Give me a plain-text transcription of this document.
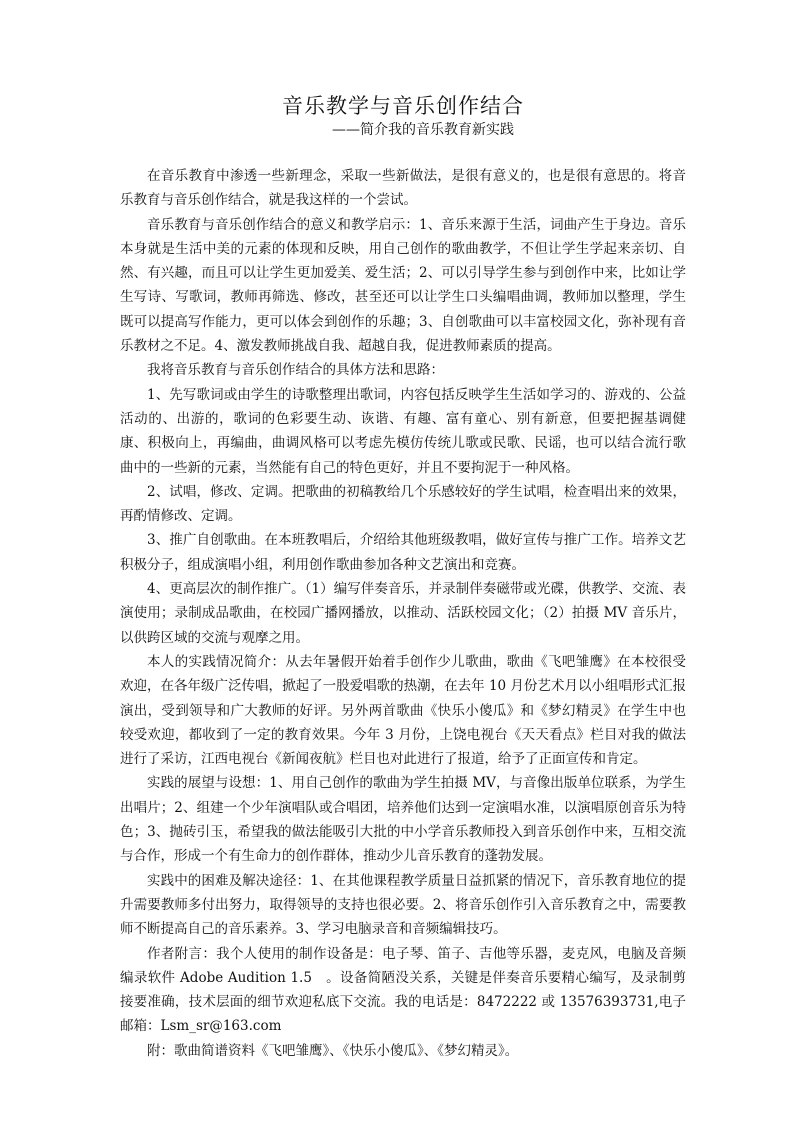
音乐教学与音乐创作结合
——简介我的音乐教育新实践

在音乐教育中渗透一些新理念，采取一些新做法，是很有意义的，也是很有意思的。将音乐教育与音乐创作结合，就是我这样的一个尝试。

音乐教育与音乐创作结合的意义和教学启示：1、音乐来源于生活，词曲产生于身边。音乐本身就是生活中美的元素的体现和反映，用自己创作的歌曲教学，不但让学生学起来亲切、自然、有兴趣，而且可以让学生更加爱美、爱生活；2、可以引导学生参与到创作中来，比如让学生写诗、写歌词，教师再筛选、修改，甚至还可以让学生口头编唱曲调，教师加以整理，学生既可以提高写作能力，更可以体会到创作的乐趣；3、自创歌曲可以丰富校园文化，弥补现有音乐教材之不足。4、激发教师挑战自我、超越自我，促进教师素质的提高。

我将音乐教育与音乐创作结合的具体方法和思路：

1、先写歌词或由学生的诗歌整理出歌词，内容包括反映学生生活如学习的、游戏的、公益活动的、出游的，歌词的色彩要生动、诙谐、有趣、富有童心、别有新意，但要把握基调健康、积极向上，再编曲，曲调风格可以考虑先模仿传统儿歌或民歌、民谣，也可以结合流行歌曲中的一些新的元素，当然能有自己的特色更好，并且不要拘泥于一种风格。

2、试唱，修改、定调。把歌曲的初稿教给几个乐感较好的学生试唱，检查唱出来的效果，再酌情修改、定调。

3、推广自创歌曲。在本班教唱后，介绍给其他班级教唱，做好宣传与推广工作。培养文艺积极分子，组成演唱小组，利用创作歌曲参加各种文艺演出和竞赛。

4、更高层次的制作推广。（1）编写伴奏音乐，并录制伴奏磁带或光碟，供教学、交流、表演使用；录制成品歌曲，在校园广播网播放，以推动、活跃校园文化；（2）拍摄 MV 音乐片，以供跨区域的交流与观摩之用。

本人的实践情况简介：从去年暑假开始着手创作少儿歌曲，歌曲《飞吧雏鹰》在本校很受欢迎，在各年级广泛传唱，掀起了一股爱唱歌的热潮，在去年 10 月份艺术月以小组唱形式汇报演出，受到领导和广大教师的好评。另外两首歌曲《快乐小傻瓜》和《梦幻精灵》在学生中也较受欢迎，都收到了一定的教育效果。今年 3 月份，上饶电视台《天天看点》栏目对我的做法进行了采访，江西电视台《新闻夜航》栏目也对此进行了报道，给予了正面宣传和肯定。

实践的展望与设想：1、用自己创作的歌曲为学生拍摄 MV，与音像出版单位联系，为学生出唱片；2、组建一个少年演唱队或合唱团，培养他们达到一定演唱水准，以演唱原创音乐为特色；3、抛砖引玉，希望我的做法能吸引大批的中小学音乐教师投入到音乐创作中来，互相交流与合作，形成一个有生命力的创作群体，推动少儿音乐教育的蓬勃发展。

实践中的困难及解决途径：1、在其他课程教学质量日益抓紧的情况下，音乐教育地位的提升需要教师多付出努力，取得领导的支持也很必要。2、将音乐创作引入音乐教育之中，需要教师不断提高自己的音乐素养。3、学习电脑录音和音频编辑技巧。

作者附言：我个人使用的制作设备是：电子琴、笛子、吉他等乐器，麦克风，电脑及音频编录软件 Adobe Audition 1.5　。设备简陋没关系，关键是伴奏音乐要精心编写，及录制剪接要准确，技术层面的细节欢迎私底下交流。我的电话是：8472222 或 13576393731,电子邮箱：Lsm_sr@163.com

附：歌曲简谱资料《飞吧雏鹰》、《快乐小傻瓜》、《梦幻精灵》。
